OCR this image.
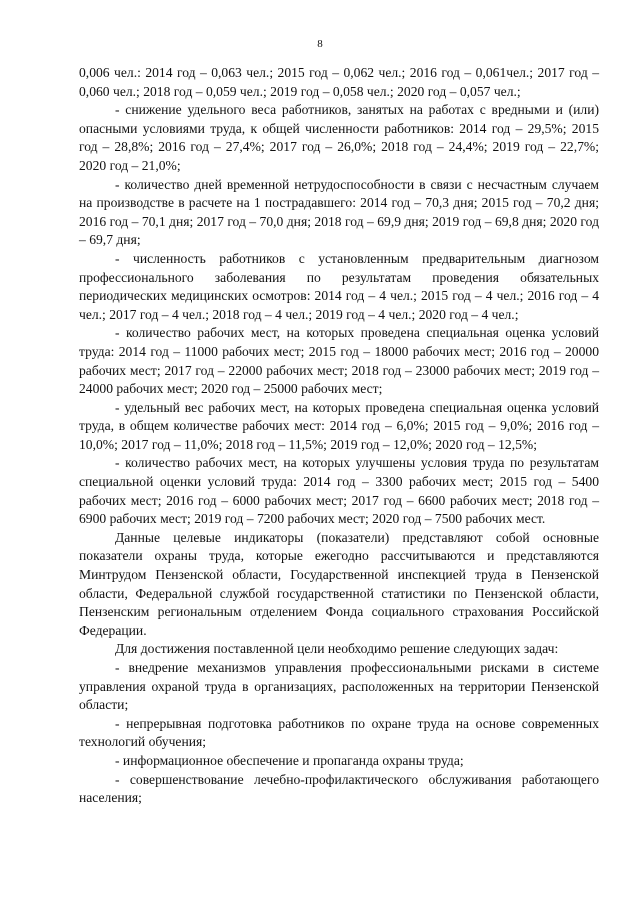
8

0,006 чел.: 2014 год – 0,063 чел.; 2015 год – 0,062 чел.; 2016 год – 0,061чел.; 2017 год – 0,060 чел.; 2018 год – 0,059 чел.; 2019 год – 0,058 чел.; 2020 год – 0,057 чел.;

- снижение удельного веса работников, занятых на работах с вредными и (или) опасными условиями труда, к общей численности работников: 2014 год – 29,5%; 2015 год – 28,8%; 2016 год – 27,4%; 2017 год – 26,0%; 2018 год – 24,4%; 2019 год – 22,7%; 2020 год – 21,0%;

- количество дней временной нетрудоспособности в связи с несчастным случаем на производстве в расчете на 1 пострадавшего: 2014 год – 70,3 дня; 2015 год – 70,2 дня; 2016 год – 70,1 дня; 2017 год – 70,0 дня; 2018 год – 69,9 дня; 2019 год – 69,8 дня; 2020 год – 69,7 дня;

- численность работников с установленным предварительным диагнозом профессионального заболевания по результатам проведения обязательных периодических медицинских осмотров: 2014 год – 4 чел.; 2015 год – 4 чел.; 2016 год – 4 чел.; 2017 год – 4 чел.; 2018 год – 4 чел.; 2019 год – 4 чел.; 2020 год – 4 чел.;

- количество рабочих мест, на которых проведена специальная оценка условий труда: 2014 год – 11000 рабочих мест; 2015 год – 18000 рабочих мест; 2016 год – 20000 рабочих мест; 2017 год – 22000 рабочих мест; 2018 год – 23000 рабочих мест; 2019 год – 24000 рабочих мест; 2020 год – 25000 рабочих мест;

- удельный вес рабочих мест, на которых проведена специальная оценка условий труда, в общем количестве рабочих мест: 2014 год – 6,0%; 2015 год – 9,0%; 2016 год – 10,0%; 2017 год – 11,0%; 2018 год – 11,5%; 2019 год – 12,0%; 2020 год – 12,5%;

- количество рабочих мест, на которых улучшены условия труда по результатам специальной оценки условий труда: 2014 год – 3300 рабочих мест; 2015 год – 5400 рабочих мест; 2016 год – 6000 рабочих мест; 2017 год – 6600 рабочих мест; 2018 год – 6900 рабочих мест; 2019 год – 7200 рабочих мест; 2020 год – 7500 рабочих мест.

Данные целевые индикаторы (показатели) представляют собой основные показатели охраны труда, которые ежегодно рассчитываются и представляются Минтрудом Пензенской области, Государственной инспекцией труда в Пензенской области, Федеральной службой государственной статистики по Пензенской области, Пензенским региональным отделением Фонда социального страхования Российской Федерации.

Для достижения поставленной цели необходимо решение следующих задач:

- внедрение механизмов управления профессиональными рисками в системе управления охраной труда в организациях, расположенных на территории Пензенской области;

- непрерывная подготовка работников по охране труда на основе современных технологий обучения;

- информационное обеспечение и пропаганда охраны труда;

- совершенствование лечебно-профилактического обслуживания работающего населения;
